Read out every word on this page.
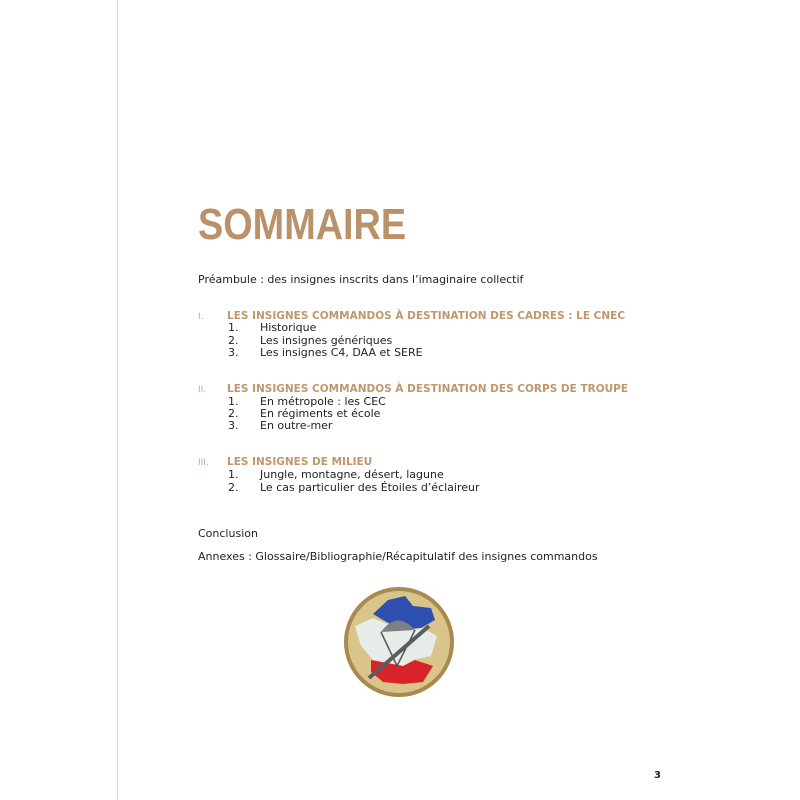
SOMMAIRE
Préambule : des insignes inscrits dans l’imaginaire collectif
I. LES INSIGNES COMMANDOS À DESTINATION DES CADRES : LE CNEC
1. Historique
2. Les insignes génériques
3. Les insignes C4, DAA et SERE
II. LES INSIGNES COMMANDOS À DESTINATION DES CORPS DE TROUPE
1. En métropole : les CEC
2. En régiments et école
3. En outre-mer
III. LES INSIGNES DE MILIEU
1. Jungle, montagne, désert, lagune
2. Le cas particulier des Étoiles d’éclaireur
Conclusion
Annexes : Glossaire/Bibliographie/Récapitulatif des insignes commandos
3
